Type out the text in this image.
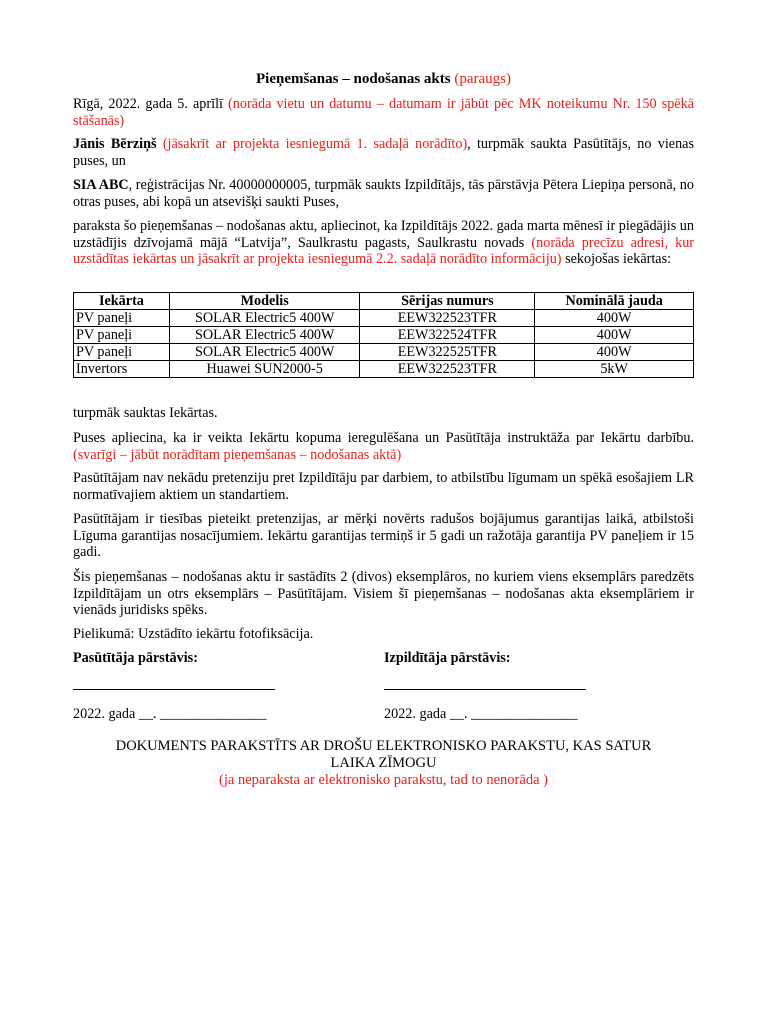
Pieņemšanas – nodošanas akts (paraugs)

Rīgā, 2022. gada 5. aprīlī (norāda vietu un datumu – datumam ir jābūt pēc MK noteikumu Nr. 150 spēkā stāšanās)

Jānis Bērziņš (jāsakrīt ar projekta iesniegumā 1. sadaļā norādīto), turpmāk saukta Pasūtītājs, no vienas puses, un

SIA ABC, reģistrācijas Nr. 40000000005, turpmāk saukts Izpildītājs, tās pārstāvja Pētera Liepiņa personā, no otras puses, abi kopā un atsevišķi saukti Puses,

paraksta šo pieņemšanas – nodošanas aktu, apliecinot, ka Izpildītājs 2022. gada marta mēnesī ir piegādājis un uzstādījis dzīvojamā mājā “Latvija”, Saulkrastu pagasts, Saulkrastu novads (norāda precīzu adresi, kur uzstādītas iekārtas un jāsakrīt ar projekta iesniegumā 2.2. sadaļā norādīto informāciju) sekojošas iekārtas:

Iekārta	Modelis	Sērijas numurs	Nominālā jauda
PV paneļi	SOLAR Electric5 400W	EEW322523TFR	400W
PV paneļi	SOLAR Electric5 400W	EEW322524TFR	400W
PV paneļi	SOLAR Electric5 400W	EEW322525TFR	400W
Invertors	Huawei SUN2000-5	EEW322523TFR	5kW

turpmāk sauktas Iekārtas.

Puses apliecina, ka ir veikta Iekārtu kopuma ieregulēšana un Pasūtītāja instruktāža par Iekārtu darbību. (svarīgi – jābūt norādītam pieņemšanas – nodošanas aktā)

Pasūtītājam nav nekādu pretenziju pret Izpildītāju par darbiem, to atbilstību līgumam un spēkā esošajiem LR normatīvajiem aktiem un standartiem.

Pasūtītājam ir tiesības pieteikt pretenzijas, ar mērķi novērts radušos bojājumus garantijas laikā, atbilstoši Līguma garantijas nosacījumiem. Iekārtu garantijas termiņš ir 5 gadi un ražotāja garantija PV paneļiem ir 15 gadi.

Šis pieņemšanas – nodošanas aktu ir sastādīts 2 (divos) eksemplāros, no kuriem viens eksemplārs paredzēts Izpildītājam un otrs eksemplārs – Pasūtītājam. Visiem šī pieņemšanas – nodošanas akta eksemplāriem ir vienāds juridisks spēks.

Pielikumā: Uzstādīto iekārtu fotofiksācija.

Pasūtītāja pārstāvis:
2022. gada __. _______________
Izpildītāja pārstāvis:
2022. gada __. _______________
DOKUMENTS PARAKSTĪTS AR DROŠU ELEKTRONISKO PARAKSTU, KAS SATUR
LAIKA ZĪMOGU
(ja neparaksta ar elektronisko parakstu, tad to nenorāda )
